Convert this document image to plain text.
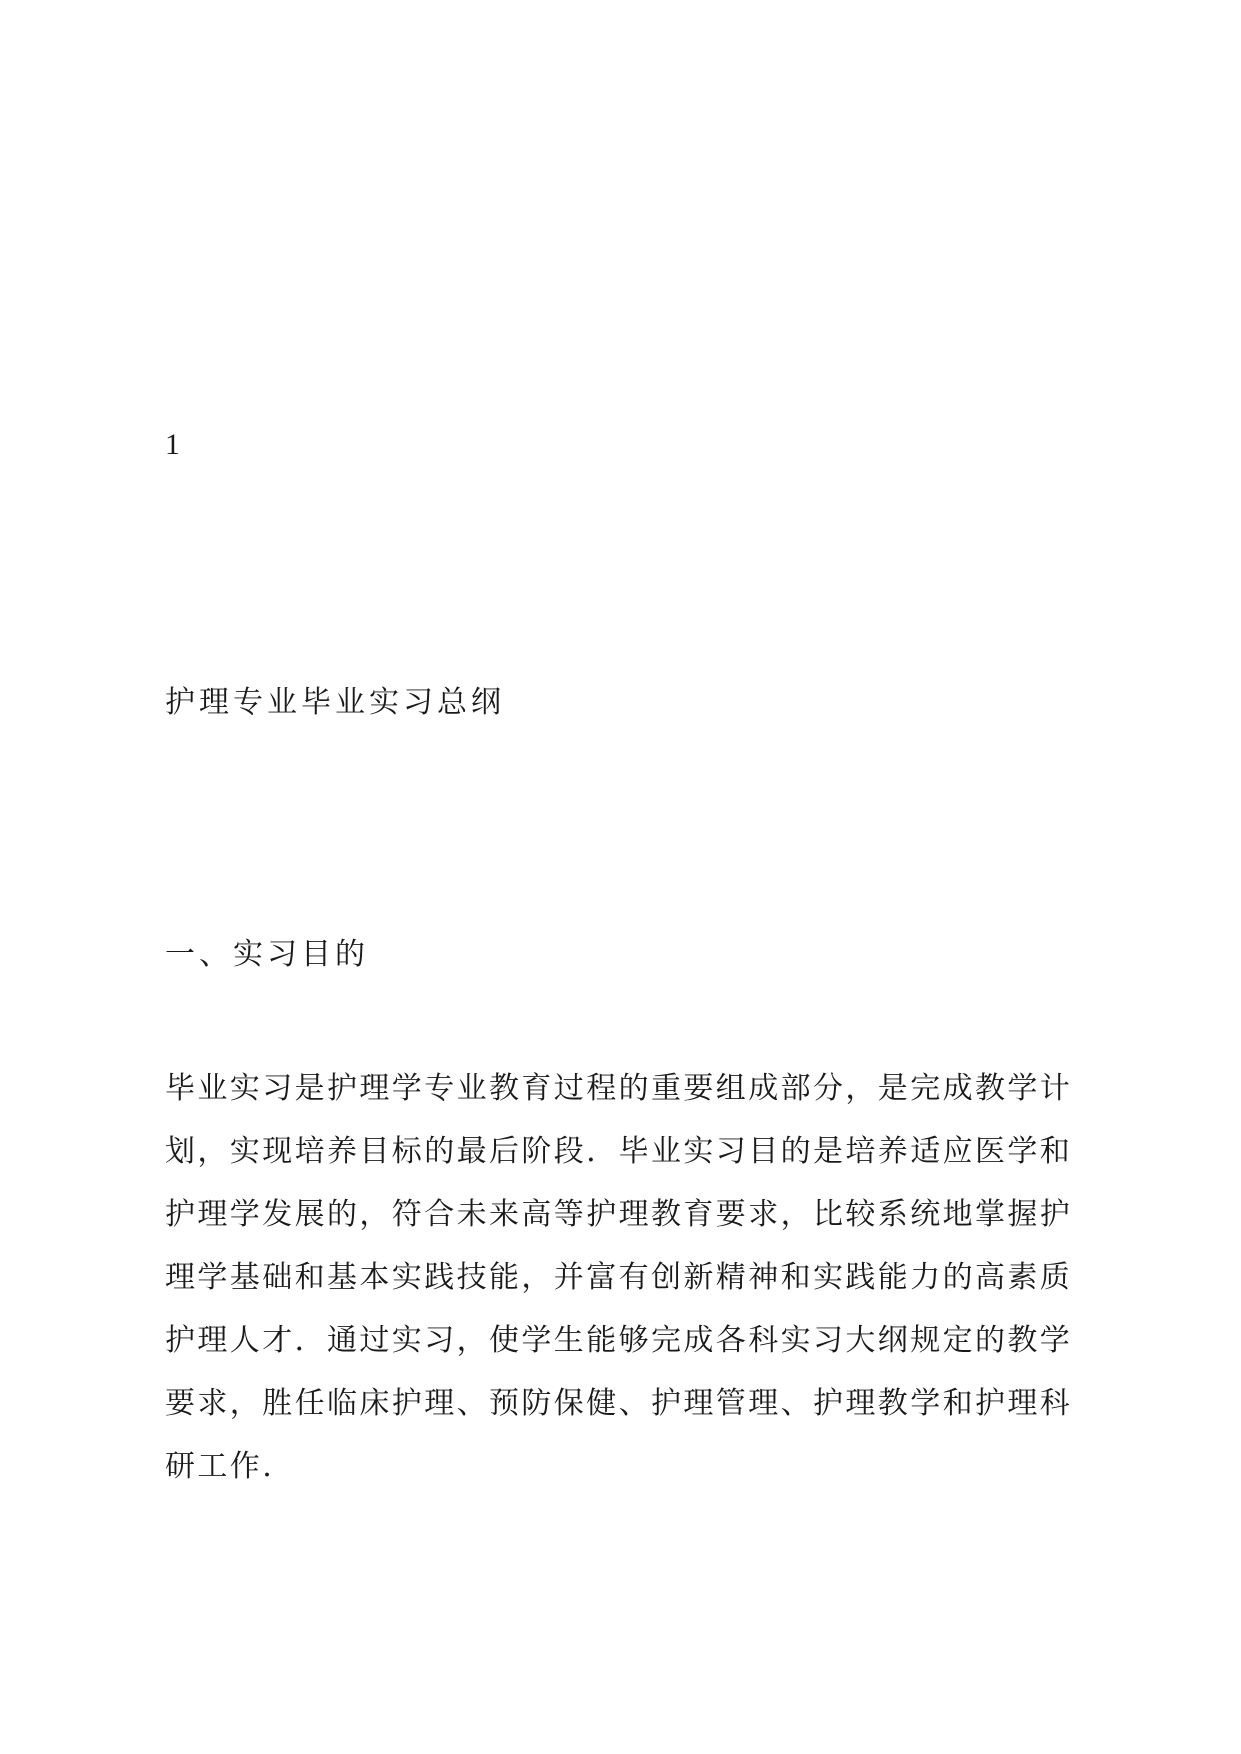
1
护理专业毕业实习总纲
一、实习目的
毕业实习是护理学专业教育过程的重要组成部分，是完成教学计
划，实现培养目标的最后阶段．毕业实习目的是培养适应医学和
护理学发展的，符合未来高等护理教育要求，比较系统地掌握护
理学基础和基本实践技能，并富有创新精神和实践能力的高素质
护理人才．通过实习，使学生能够完成各科实习大纲规定的教学
要求，胜任临床护理、预防保健、护理管理、护理教学和护理科
研工作.
